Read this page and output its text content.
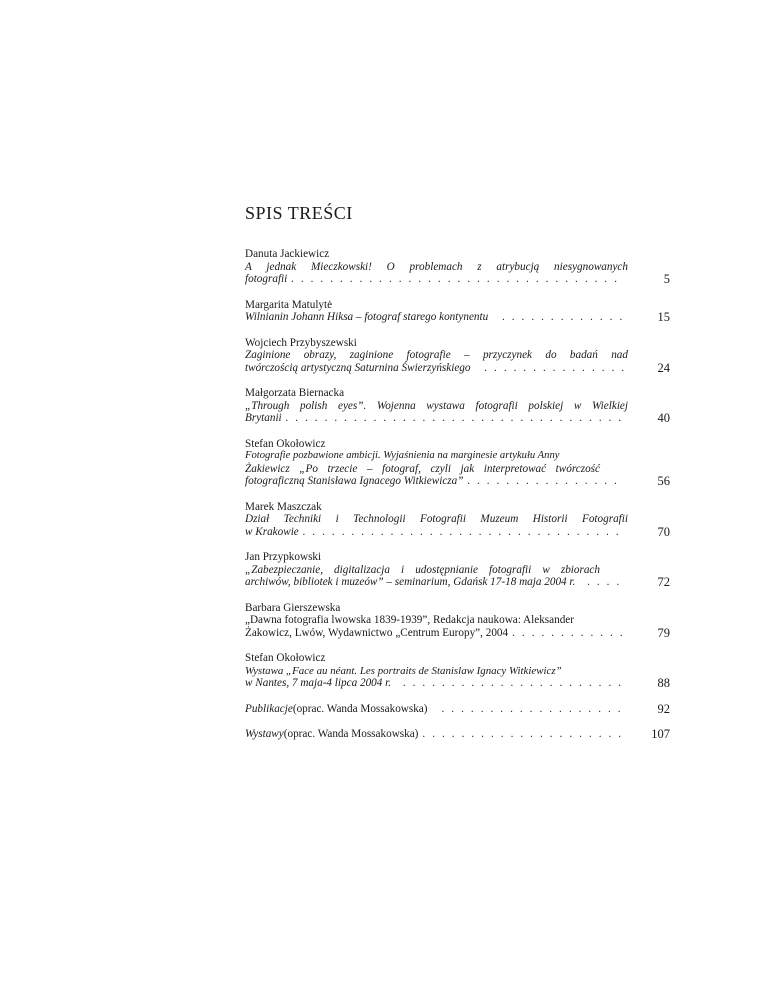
SPIS TREŚCI
Danuta Jackiewicz
A jednak Mieczkowski! O problemach z atrybucją niesygnowanych
fotografii . . .	5
Margarita Matulytė
Wilnianin Johann Hiksa – fotograf starego kontynentu . . .	15
Wojciech Przybyszewski
Zaginione obrazy, zaginione fotografie – przyczynek do badań nad
twórczością artystyczną Saturnina Świerzyńskiego . . .	24
Małgorzata Biernacka
„Through polish eyes”. Wojenna wystawa fotografii polskiej w Wielkiej
Brytanii . . .	40
Stefan Okołowicz
Fotografie pozbawione ambicji. Wyjaśnienia na marginesie artykułu Anny
Żakiewicz „Po trzecie – fotograf, czyli jak interpretować twórczość
fotograficzną Stanisława Ignacego Witkiewicza” . . .	56
Marek Maszczak
Dział Techniki i Technologii Fotografii Muzeum Historii Fotografii
w Krakowie . . .	70
Jan Przypkowski
„Zabezpieczanie, digitalizacja i udostępnianie fotografii w zbiorach
archiwów, bibliotek i muzeów” – seminarium, Gdańsk 17-18 maja 2004 r. . . .	72
Barbara Gierszewska
„Dawna fotografia lwowska 1839-1939”, Redakcja naukowa: Aleksander
Żakowicz, Lwów, Wydawnictwo „Centrum Europy”, 2004 . . .	79
Stefan Okołowicz
Wystawa „Face au néant. Les portraits de Stanislaw Ignacy Witkiewicz”
w Nantes, 7 maja-4 lipca 2004 r. . . .	88
Publikacje (oprac. Wanda Mossakowska) . . .	92
Wystawy (oprac. Wanda Mossakowska) . . .	107
